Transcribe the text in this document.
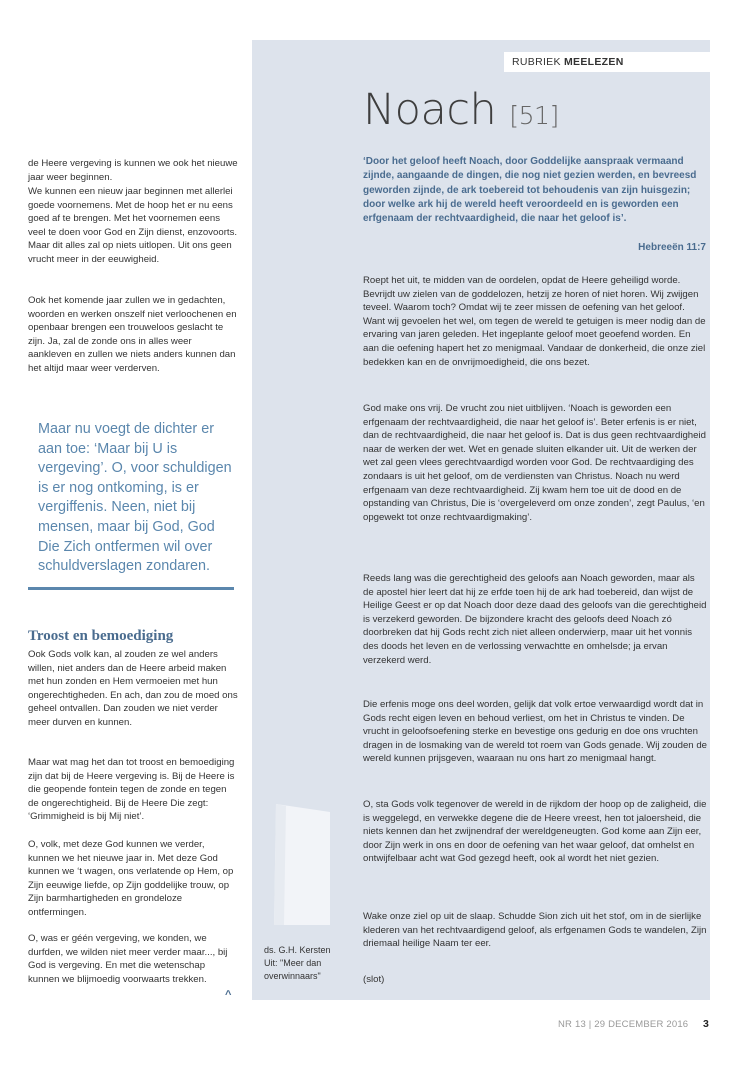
RUBRIEK MEELEZEN
Noach [51]

‘Door het geloof heeft Noach, door Goddelijke aanspraak vermaand zijnde, aangaande de dingen, die nog niet gezien werden, en bevreesd geworden zijnde, de ark toebereid tot behoudenis van zijn huisgezin; door welke ark hij de wereld heeft veroordeeld en is geworden een erfgenaam der rechtvaardigheid, die naar het geloof is’.

Hebreeën 11:7

Roept het uit, te midden van de oordelen, opdat de Heere geheiligd worde. Bevrijdt uw zielen van de goddelozen, hetzij ze horen of niet horen. Wij zwijgen teveel. Waarom toch? Omdat wij te zeer missen de oefening van het geloof. Want wij gevoelen het wel, om tegen de wereld te getuigen is meer nodig dan de ervaring van jaren geleden. Het ingeplante geloof moet geoefend worden. En aan die oefening hapert het zo menigmaal. Vandaar de donkerheid, die onze ziel bedekken kan en de onvrijmoedigheid, die ons bezet.

God make ons vrij. De vrucht zou niet uitblijven. ‘Noach is geworden een erfgenaam der rechtvaardigheid, die naar het geloof is’. Beter erfenis is er niet, dan de rechtvaardigheid, die naar het geloof is. Dat is dus geen rechtvaardigheid naar de werken der wet. Wet en genade sluiten elkander uit. Uit de werken der wet zal geen vlees gerechtvaardigd worden voor God. De rechtvaardiging des zondaars is uit het geloof, om de verdiensten van Christus. Noach nu werd erfgenaam van deze rechtvaardigheid. Zij kwam hem toe uit de dood en de opstanding van Christus, Die is ‘overgeleverd om onze zonden’, zegt Paulus, ‘en opgewekt tot onze rechtvaardigmaking’.

Reeds lang was die gerechtigheid des geloofs aan Noach geworden, maar als de apostel hier leert dat hij ze erfde toen hij de ark had toebereid, dan wijst de Heilige Geest er op dat Noach door deze daad des geloofs van die gerechtigheid is verzekerd geworden. De bijzondere kracht des geloofs deed Noach zó doorbreken dat hij Gods recht zich niet alleen onderwierp, maar uit het vonnis des doods het leven en de verlossing verwachtte en omhelsde; ja ervan verzekerd werd.

Die erfenis moge ons deel worden, gelijk dat volk ertoe verwaardigd wordt dat in Gods recht eigen leven en behoud verliest, om het in Christus te vinden. De vrucht in geloofsoefening sterke en bevestige ons gedurig en doe ons vruchten dragen in de losmaking van de wereld tot roem van Gods genade. Wij zouden de wereld kunnen prijsgeven, waaraan nu ons hart zo menigmaal hangt.

O, sta Gods volk tegenover de wereld in de rijkdom der hoop op de zaligheid, die is weggelegd, en verwekke degene die de Heere vreest, hen tot jaloersheid, die niets kennen dan het zwijnendraf der wereldgeneugten. God kome aan Zijn eer, door Zijn werk in ons en door de oefening van het waar geloof, dat omhelst en ontwijfelbaar acht wat God gezegd heeft, ook al wordt het niet gezien.

Wake onze ziel op uit de slaap. Schudde Sion zich uit het stof, om in de sierlijke klederen van het rechtvaardigend geloof, als erfgenamen Gods te wandelen, Zijn driemaal heilige Naam ter eer.

(slot)

de Heere vergeving is kunnen we ook het nieuwe jaar weer beginnen.

We kunnen een nieuw jaar beginnen met allerlei goede voornemens. Met de hoop het er nu eens goed af te brengen. Met het voornemen eens veel te doen voor God en Zijn dienst, enzovoorts. Maar dit alles zal op niets uitlopen. Uit ons geen vrucht meer in der eeuwigheid.

Ook het komende jaar zullen we in gedachten, woorden en werken onszelf niet verloochenen en openbaar brengen een trouweloos geslacht te zijn. Ja, zal de zonde ons in alles weer aankleven en zullen we niets anders kunnen dan het altijd maar weer verderven.

Maar nu voegt de dichter er aan toe: ‘Maar bij U is vergeving’. O, voor schuldigen is er nog ontkoming, is er vergiffenis. Neen, niet bij mensen, maar bij God, God Die Zich ontfermen wil over schuldverslagen zondaren.

Troost en bemoediging

Ook Gods volk kan, al zouden ze wel anders willen, niet anders dan de Heere arbeid maken met hun zonden en Hem vermoeien met hun ongerechtigheden. En ach, dan zou de moed ons geheel ontvallen. Dan zouden we niet verder meer durven en kunnen.

Maar wat mag het dan tot troost en bemoediging zijn dat bij de Heere vergeving is. Bij de Heere is die geopende fontein tegen de zonde en tegen de ongerechtigheid. Bij de Heere Die zegt: ‘Grimmigheid is bij Mij niet’.

O, volk, met deze God kunnen we verder, kunnen we het nieuwe jaar in. Met deze God kunnen we ‘t wagen, ons verlatende op Hem, op Zijn eeuwige liefde, op Zijn goddelijke trouw, op Zijn barmhartigheden en grondeloze ontfermingen.

O, was er géén vergeving, we konden, we durfden, we wilden niet meer verder maar..., bij God is vergeving. En met die wetenschap kunnen we blijmoedig voorwaarts trekken.

^
ds. G.H. Kersten
Uit: "Meer dan
overwinnaars"
NR 13 | 29 DECEMBER 2016 3
